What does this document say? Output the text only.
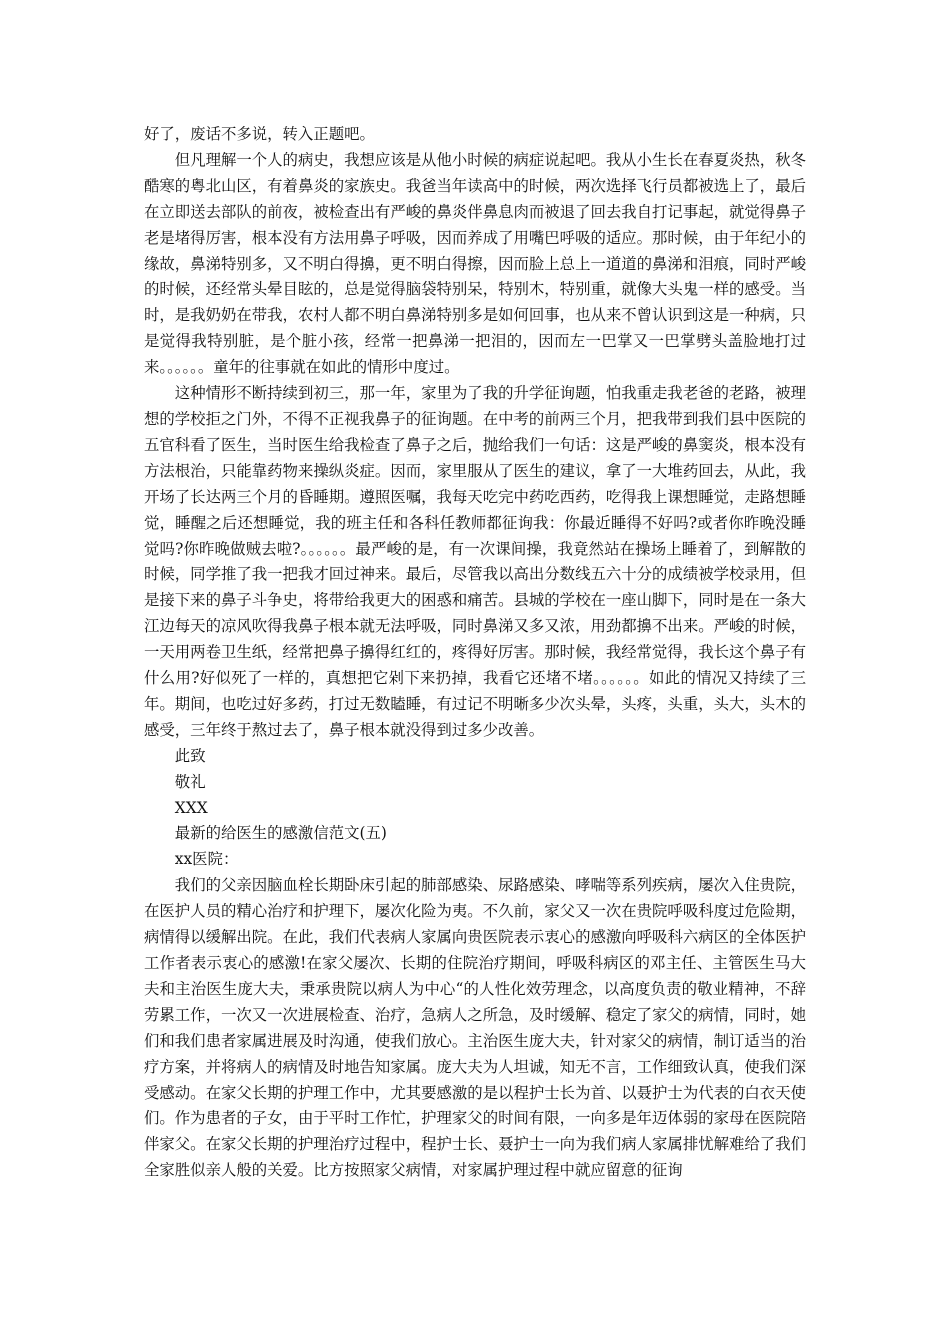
好了，废话不多说，转入正题吧。

但凡理解一个人的病史，我想应该是从他小时候的病症说起吧。我从小生长在春夏炎热，秋冬酷寒的粤北山区，有着鼻炎的家族史。我爸当年读高中的时候，两次选择飞行员都被选上了，最后在立即送去部队的前夜，被检查出有严峻的鼻炎伴鼻息肉而被退了回去我自打记事起，就觉得鼻子老是堵得厉害，根本没有方法用鼻子呼吸，因而养成了用嘴巴呼吸的适应。那时候，由于年纪小的缘故，鼻涕特别多，又不明白得擤，更不明白得擦，因而脸上总上一道道的鼻涕和泪痕，同时严峻的时候，还经常头晕目眩的，总是觉得脑袋特别呆，特别木，特别重，就像大头鬼一样的感受。当时，是我奶奶在带我，农村人都不明白鼻涕特别多是如何回事，也从来不曾认识到这是一种病，只是觉得我特别脏，是个脏小孩，经常一把鼻涕一把泪的，因而左一巴掌又一巴掌劈头盖脸地打过来。。。。。。童年的往事就在如此的情形中度过。

这种情形不断持续到初三，那一年，家里为了我的升学征询题，怕我重走我老爸的老路，被理想的学校拒之门外，不得不正视我鼻子的征询题。在中考的前两三个月，把我带到我们县中医院的五官科看了医生，当时医生给我检查了鼻子之后，抛给我们一句话：这是严峻的鼻窦炎，根本没有方法根治，只能靠药物来操纵炎症。因而，家里服从了医生的建议，拿了一大堆药回去，从此，我开场了长达两三个月的昏睡期。遵照医嘱，我每天吃完中药吃西药，吃得我上课想睡觉，走路想睡觉，睡醒之后还想睡觉，我的班主任和各科任教师都征询我：你最近睡得不好吗?或者你昨晚没睡觉吗?你昨晚做贼去啦?。。。。。。最严峻的是，有一次课间操，我竟然站在操场上睡着了，到解散的时候，同学推了我一把我才回过神来。最后，尽管我以高出分数线五六十分的成绩被学校录用，但是接下来的鼻子斗争史，将带给我更大的困惑和痛苦。县城的学校在一座山脚下，同时是在一条大江边每天的凉风吹得我鼻子根本就无法呼吸，同时鼻涕又多又浓，用劲都擤不出来。严峻的时候，一天用两卷卫生纸，经常把鼻子擤得红红的，疼得好厉害。那时候，我经常觉得，我长这个鼻子有什么用?好似死了一样的，真想把它剁下来扔掉，我看它还堵不堵。。。。。。如此的情况又持续了三年。期间，也吃过好多药，打过无数瞌睡，有过记不明晰多少次头晕，头疼，头重，头大，头木的感受，三年终于熬过去了，鼻子根本就没得到过多少改善。

此致

敬礼

XXX

最新的给医生的感激信范文(五)

xx医院：

我们的父亲因脑血栓长期卧床引起的肺部感染、尿路感染、哮喘等系列疾病，屡次入住贵院，在医护人员的精心治疗和护理下，屡次化险为夷。不久前，家父又一次在贵院呼吸科度过危险期，病情得以缓解出院。在此，我们代表病人家属向贵医院表示衷心的感激向呼吸科六病区的全体医护工作者表示衷心的感激!在家父屡次、长期的住院治疗期间，呼吸科病区的邓主任、主管医生马大夫和主治医生庞大夫，秉承贵院以病人为中心“的人性化效劳理念，以高度负责的敬业精神，不辞劳累工作，一次又一次进展检查、治疗，急病人之所急，及时缓解、稳定了家父的病情，同时，她们和我们患者家属进展及时沟通，使我们放心。主治医生庞大夫，针对家父的病情，制订适当的治疗方案，并将病人的病情及时地告知家属。庞大夫为人坦诚，知无不言，工作细致认真，使我们深受感动。在家父长期的护理工作中，尤其要感激的是以程护士长为首、以聂护士为代表的白衣天使们。作为患者的子女，由于平时工作忙，护理家父的时间有限，一向多是年迈体弱的家母在医院陪伴家父。在家父长期的护理治疗过程中，程护士长、聂护士一向为我们病人家属排忧解难给了我们全家胜似亲人般的关爱。比方按照家父病情，对家属护理过程中就应留意的征询
